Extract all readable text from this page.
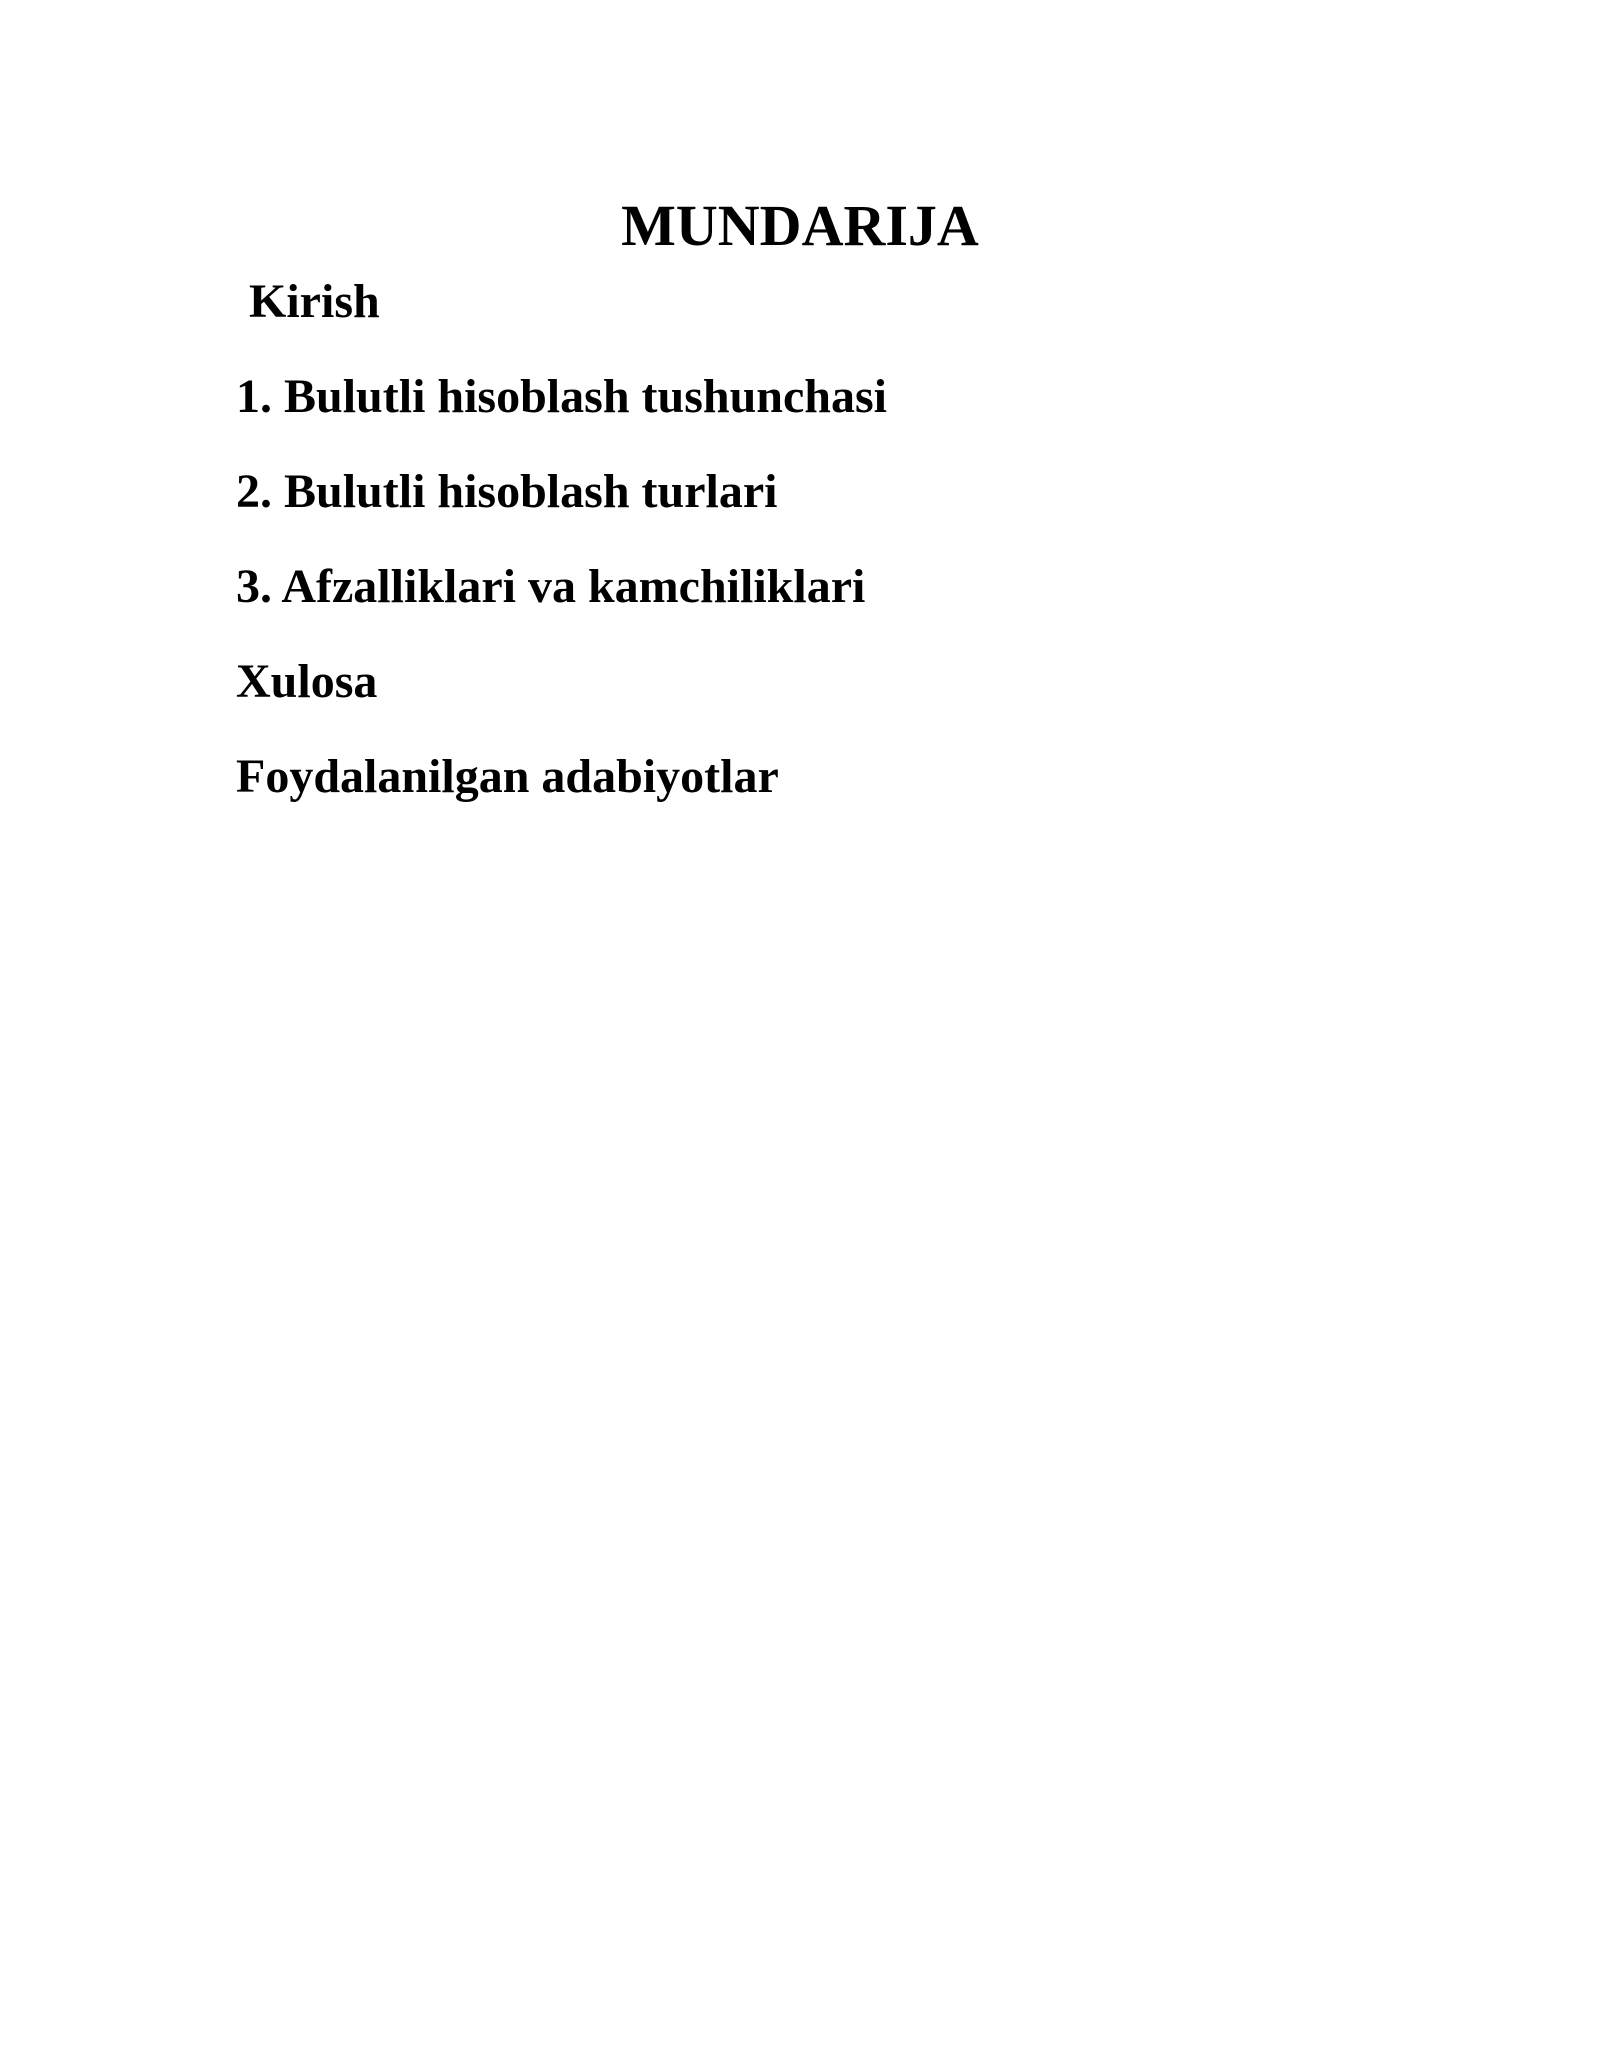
MUNDARIJA
Kirish
1. Bulutli hisoblash tushunchasi
2. Bulutli hisoblash turlari
3. Afzalliklari va kamchiliklari
Xulosa
Foydalanilgan adabiyotlar
